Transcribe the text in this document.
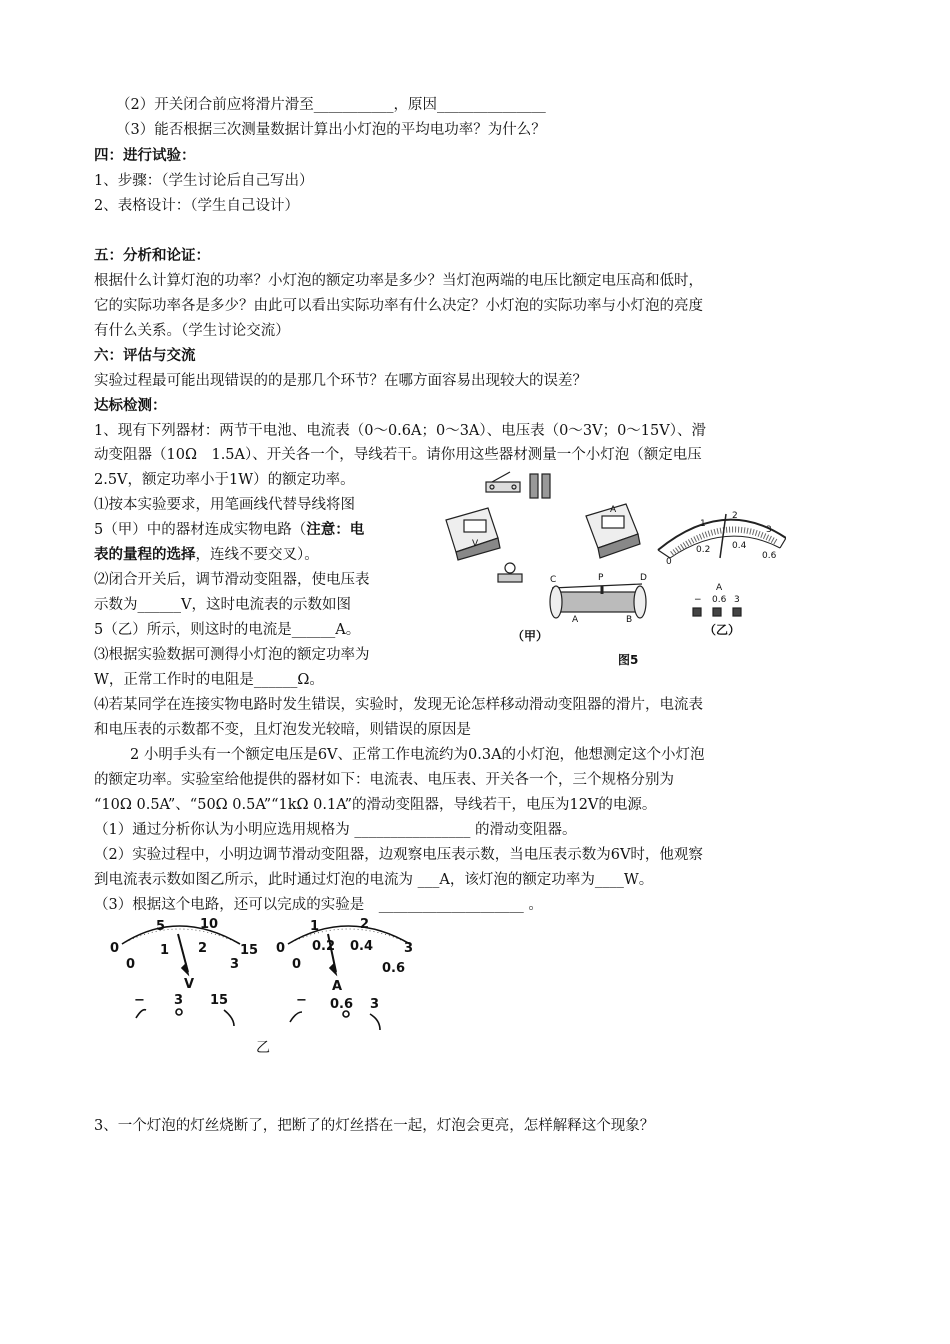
（2）开关闭合前应将滑片滑至___________，原因_______________
（3）能否根据三次测量数据计算出小灯泡的平均电功率？为什么？
四：进行试验：
1、步骤：（学生讨论后自己写出）
2、表格设计：（学生自己设计）
五：分析和论证：
根据什么计算灯泡的功率？小灯泡的额定功率是多少？当灯泡两端的电压比额定电压高和低时，
它的实际功率各是多少？由此可以看出实际功率有什么决定？小灯泡的实际功率与小灯泡的亮度
有什么关系。（学生讨论交流）
六：评估与交流
实验过程最可能出现错误的的是那几个环节？在哪方面容易出现较大的误差？
达标检测：
1、现有下列器材：两节干电池、电流表（0～0.6A；0～3A）、电压表（0～3V；0～15V）、滑
动变阻器（10Ω　1.5A）、开关各一个，导线若干。请你用这些器材测量一个小灯泡（额定电压
2.5V，额定功率小于1W）的额定功率。
⑴按本实验要求，用笔画线代替导线将图
5（甲）中的器材连成实物电路（注意：电
表的量程的选择，连线不要交叉）。
⑵闭合开关后，调节滑动变阻器，使电压表
示数为______V，这时电流表的示数如图
5（乙）所示，则这时的电流是______A。
⑶根据实验数据可测得小灯泡的额定功率为
W，正常工作时的电阻是______Ω。
⑷若某同学在连接实物电路时发生错误，实验时，发现无论怎样移动滑动变阻器的滑片，电流表
和电压表的示数都不变，且灯泡发光较暗，则错误的原因是
2 小明手头有一个额定电压是6V、正常工作电流约为0.3A的小灯泡，他想测定这个小灯泡
的额定功率。实验室给他提供的器材如下：电流表、电压表、开关各一个，三个规格分别为
“10Ω 0.5A”、“50Ω 0.5A”“1kΩ 0.1A”的滑动变阻器，导线若干，电压为12V的电源。
（1）通过分析你认为小明应选用规格为 ________________ 的滑动变阻器。
（2）实验过程中，小明边调节滑动变阻器，边观察电压表示数，当电压表示数为6V时，他观察
到电流表示数如图乙所示，此时通过灯泡的电流为 ___A，该灯泡的额定功率为____W。
（3）根据这个电路，还可以完成的实验是　____________________ 。
3、一个灯泡的灯丝烧断了，把断了的灯丝搭在一起，灯泡会更亮，怎样解释这个现象？
V
A
C	P	D
A	B
0
1
2
3
0.2 0.4
0.6
A
− 0.6 3
（甲）	（乙）
图5
0
5	10
15
0
1 2
3
V
− 3 15
0
1	2
3
0
0.2 0.4
0.6
A
− 0.6 3
乙
